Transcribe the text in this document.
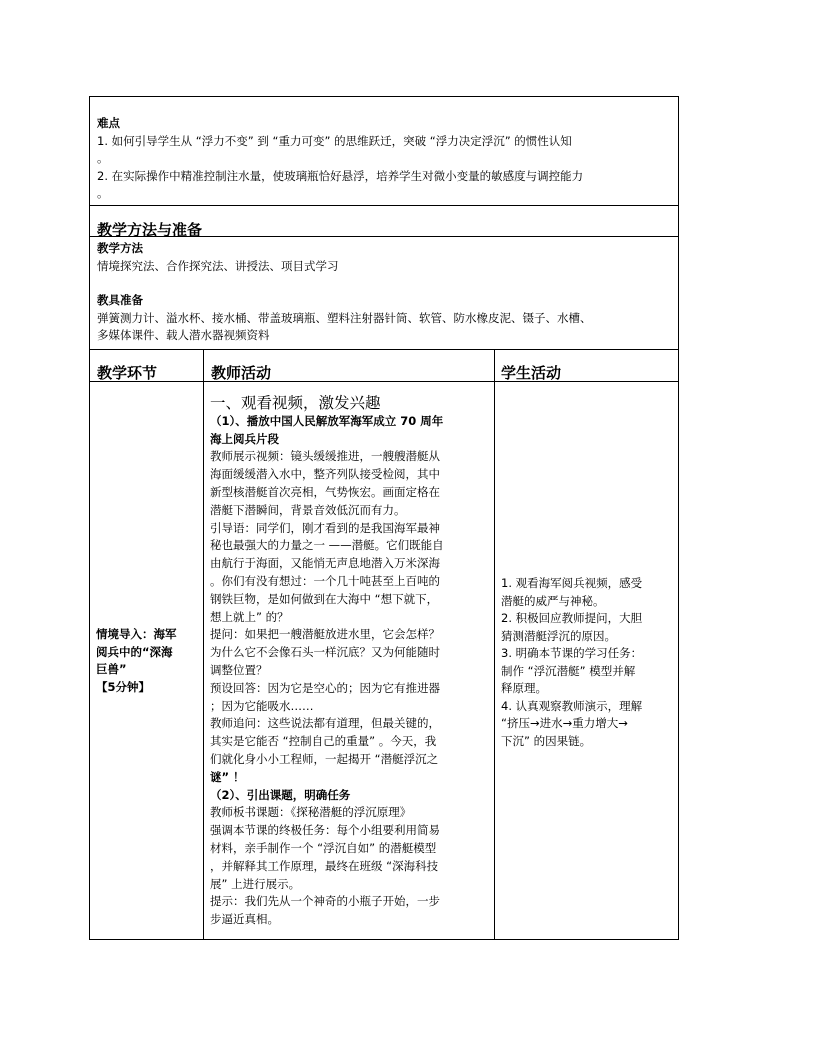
难点
1. 如何引导学生从 “浮力不变” 到 “重力可变” 的思维跃迁，突破 “浮力决定浮沉” 的惯性认知
。
2. 在实际操作中精准控制注水量，使玻璃瓶恰好悬浮，培养学生对微小变量的敏感度与调控能力
。
教学方法与准备
教学方法
情境探究法、合作探究法、讲授法、项目式学习

教具准备
弹簧测力计、溢水杯、接水桶、带盖玻璃瓶、塑料注射器针筒、软管、防水橡皮泥、镊子、水槽、
多媒体课件、载人潜水器视频资料
教学环节	教师活动	学生活动
情境导入：海军
阅兵中的“深海
巨兽”
【5分钟】
一、观看视频，激发兴趣
（1）、播放中国人民解放军海军成立 70 周年
海上阅兵片段
教师展示视频：镜头缓缓推进，一艘艘潜艇从
海面缓缓潜入水中，整齐列队接受检阅，其中
新型核潜艇首次亮相，气势恢宏。画面定格在
潜艇下潜瞬间，背景音效低沉而有力。
引导语：同学们，刚才看到的是我国海军最神
秘也最强大的力量之一 ——潜艇。它们既能自
由航行于海面，又能悄无声息地潜入万米深海
。你们有没有想过：一个几十吨甚至上百吨的
钢铁巨物，是如何做到在大海中 “想下就下，
想上就上” 的？
提问：如果把一艘潜艇放进水里，它会怎样？
为什么它不会像石头一样沉底？又为何能随时
调整位置？
预设回答：因为它是空心的；因为它有推进器
；因为它能吸水……
教师追问：这些说法都有道理，但最关键的，
其实是它能否 “控制自己的重量” 。今天，我
们就化身小小工程师，一起揭开 “潜艇浮沉之
谜” ！
（2）、引出课题，明确任务
教师板书课题：《探秘潜艇的浮沉原理》
强调本节课的终极任务：每个小组要利用简易
材料，亲手制作一个 “浮沉自如” 的潜艇模型
，并解释其工作原理，最终在班级 “深海科技
展” 上进行展示。
提示：我们先从一个神奇的小瓶子开始，一步
步逼近真相。
1. 观看海军阅兵视频，感受
潜艇的威严与神秘。
2. 积极回应教师提问，大胆
猜测潜艇浮沉的原因。
3. 明确本节课的学习任务：
制作 “浮沉潜艇” 模型并解
释原理。
4. 认真观察教师演示，理解
“挤压→进水→重力增大→
下沉” 的因果链。
